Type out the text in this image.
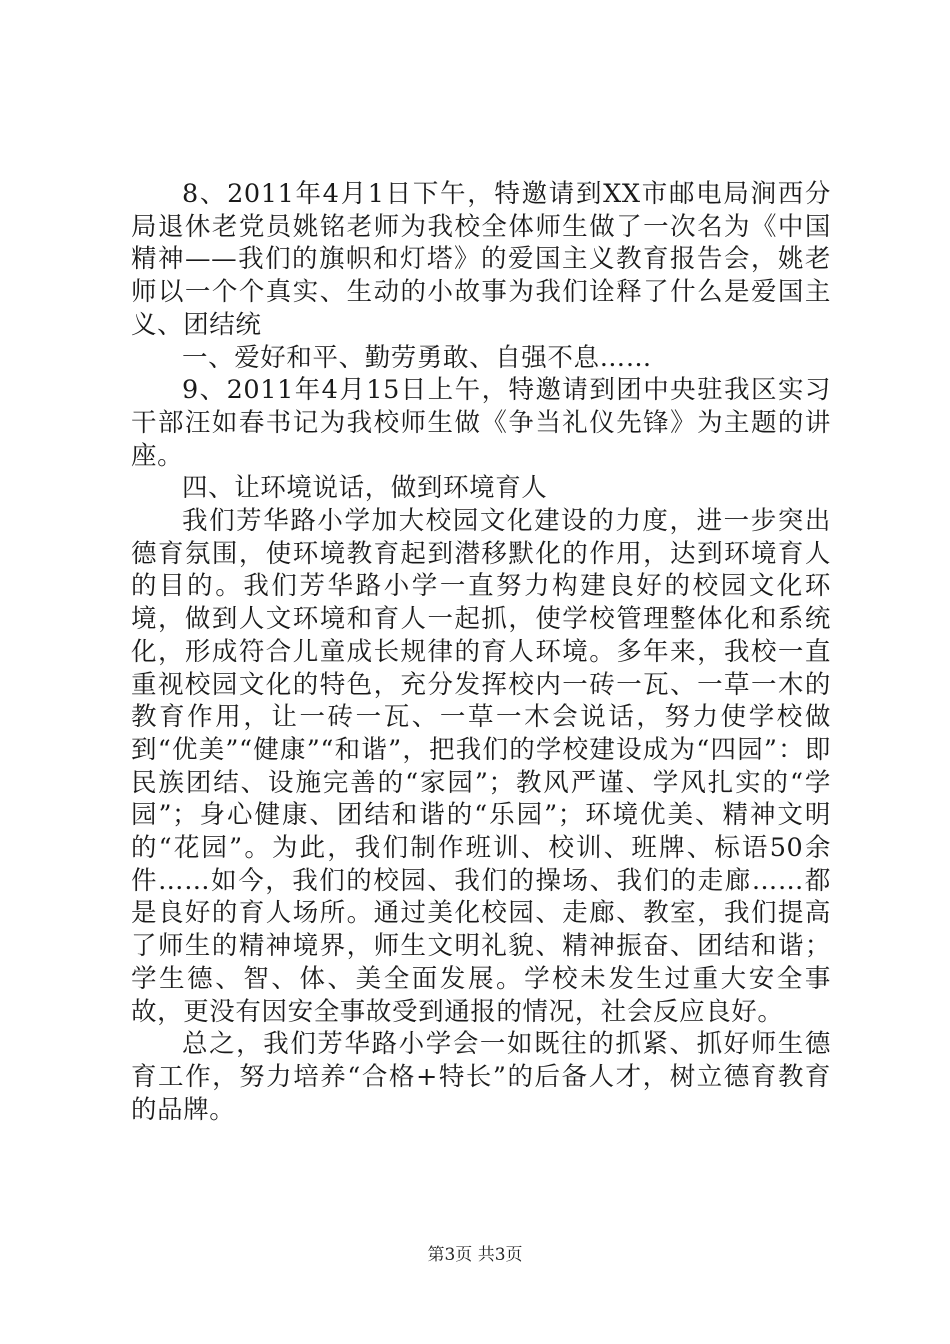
8、2011年4月1日下午，特邀请到XX市邮电局涧西分局退休老党员姚铭老师为我校全体师生做了一次名为《中国精神——我们的旗帜和灯塔》的爱国主义教育报告会，姚老师以一个个真实、生动的小故事为我们诠释了什么是爱国主义、团结统

一、爱好和平、勤劳勇敢、自强不息……

9、2011年4月15日上午，特邀请到团中央驻我区实习干部汪如春书记为我校师生做《争当礼仪先锋》为主题的讲座。

四、让环境说话，做到环境育人

我们芳华路小学加大校园文化建设的力度，进一步突出德育氛围，使环境教育起到潜移默化的作用，达到环境育人的目的。我们芳华路小学一直努力构建良好的校园文化环境，做到人文环境和育人一起抓，使学校管理整体化和系统化，形成符合儿童成长规律的育人环境。多年来，我校一直重视校园文化的特色，充分发挥校内一砖一瓦、一草一木的教育作用，让一砖一瓦、一草一木会说话，努力使学校做到“优美”“健康”“和谐”，把我们的学校建设成为“四园”：即民族团结、设施完善的“家园”；教风严谨、学风扎实的“学园”；身心健康、团结和谐的“乐园”；环境优美、精神文明的“花园”。为此，我们制作班训、校训、班牌、标语50余件……如今，我们的校园、我们的操场、我们的走廊……都是良好的育人场所。通过美化校园、走廊、教室，我们提高了师生的精神境界，师生文明礼貌、精神振奋、团结和谐；学生德、智、体、美全面发展。学校未发生过重大安全事故，更没有因安全事故受到通报的情况，社会反应良好。

总之，我们芳华路小学会一如既往的抓紧、抓好师生德育工作，努力培养“合格+特长”的后备人才，树立德育教育的品牌。

第3页 共3页
